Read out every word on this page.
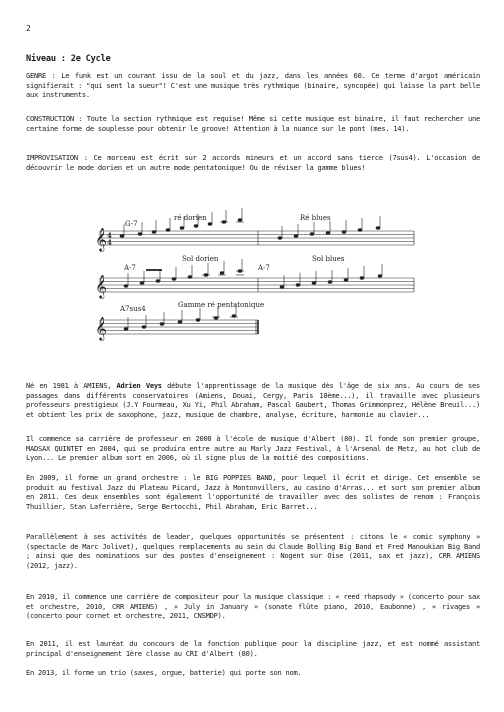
2
Niveau : 2e Cycle

GENRE : Le funk est un courant issu de la soul et du jazz, dans les années 60. Ce terme d'argot américain signifierait : "qui sent la sueur"! C'est une musique très rythmique (binaire, syncopée) qui laisse la part belle aux instruments.

CONSTRUCTION : Toute la section rythmique est requise! Même si cette musique est binaire, il faut rechercher une certaine forme de souplesse pour obtenir le groove! Attention à la nuance sur le pont (mes. 14).

IMPROVISATION : Ce morceau est écrit sur 2 accords mineurs et un accord sans tierce (7sus4). L'occasion de découvrir le mode dorien et un autre mode pentatonique! Ou de réviser la gamme blues!

𝄞 4
4
G-7
ré dorien	Ré blues
𝄞
A-7	A-7
Sol dorien	Sol blues
𝄞
A7sus4	Gamme ré pentatonique

Né en 1981 à AMIENS, Adrien Veys débute l'apprentissage de la musique dès l'âge de six ans. Au cours de ses passages dans différents conservatoires (Amiens, Douai, Cergy, Paris 10ème...), il travaille avec plusieurs professeurs prestigieux (J.Y Fourmeau, Xu Yi, Phil Abraham, Pascal Gaubert, Thomas Grimmonprez, Hélène Breuil...) et obtient les prix de saxophone, jazz, musique de chambre, analyse, écriture, harmonie au clavier...

Il commence sa carrière de professeur en 2000 à l'école de musique d'Albert (80). Il fonde son premier groupe, MADSAX QUINTET en 2004, qui se produira entre autre au Marly Jazz Festival, à l'Arsenal de Metz, au hot club de Lyon... Le premier album sort en 2006, où il signe plus de la moitié des compositions.

En 2009, il forme un grand orchestre : le BIG POPPIES BAND, pour lequel il écrit et dirige. Cet ensemble se produit au festival Jazz du Plateau Picard, Jazz à Montonvillers, au casino d'Arras... et sort son premier album en 2011. Ces deux ensembles sont également l'opportunité de travailler avec des solistes de renom : François Thuillier, Stan Laferrière, Serge Bertocchi, Phil Abraham, Eric Barret...

Parallèlement à ses activités de leader, quelques opportunités se présentent : citons le « comic symphony » (spectacle de Marc Jolivet), quelques remplacements au sein du Claude Bolling Big Band et Fred Manoukian Big Band ; ainsi que des nominations sur des postes d'enseignement : Nogent sur Oise (2011, sax et jazz), CRR AMIENS (2012, jazz).

En 2010, il commence une carrière de compositeur pour la musique classique : « reed rhapsody » (concerto pour sax et orchestre, 2010, CRR AMIENS) , « July in January » (sonate flûte piano, 2010, Eaubonne) , « rivages » (concerto pour cornet et orchestre, 2011, CNSMDP).

En 2011, il est lauréat du concours de la fonction publique pour la discipline jazz, et est nommé assistant principal d'enseignement 1ère classe au CRI d'Albert (80).

En 2013, il forme un trio (saxes, orgue, batterie) qui porte son nom.
